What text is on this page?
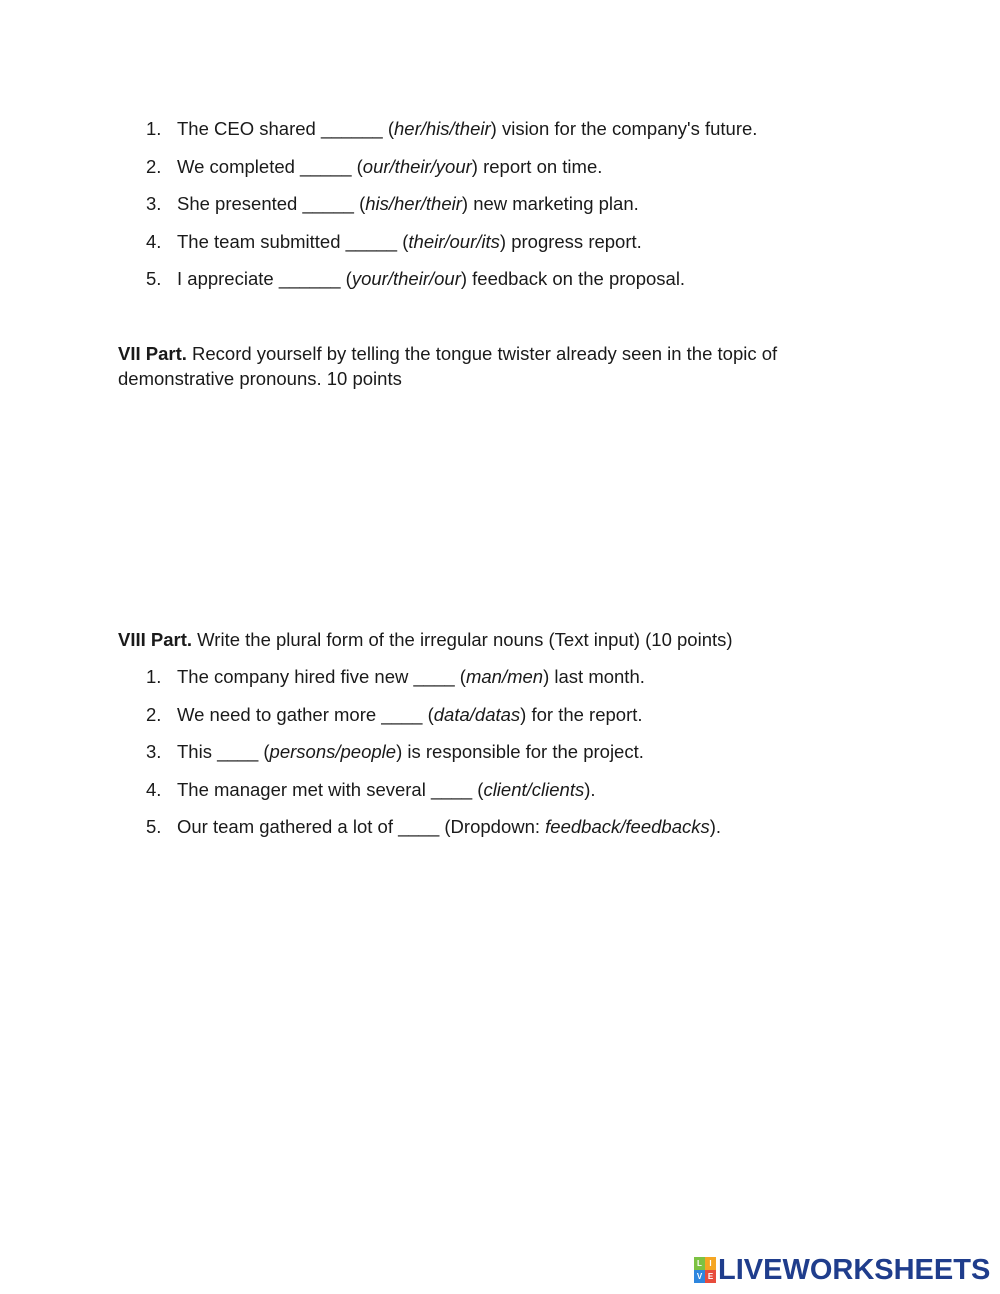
1. The CEO shared ______ (her/his/their) vision for the company's future.
2. We completed _____ (our/their/your) report on time.
3. She presented _____ (his/her/their) new marketing plan.
4. The team submitted _____ (their/our/its) progress report.
5. I appreciate ______ (your/their/our) feedback on the proposal.

VII Part. Record yourself by telling the tongue twister already seen in the topic of demonstrative pronouns. 10 points

VIII Part. Write the plural form of the irregular nouns (Text input) (10 points)

1. The company hired five new ____ (man/men) last month.
2. We need to gather more ____ (data/datas) for the report.
3. This ____ (persons/people) is responsible for the project.
4. The manager met with several ____ (client/clients).
5. Our team gathered a lot of ____ (Dropdown: feedback/feedbacks).
L I
V E LIVEWORKSHEETS
